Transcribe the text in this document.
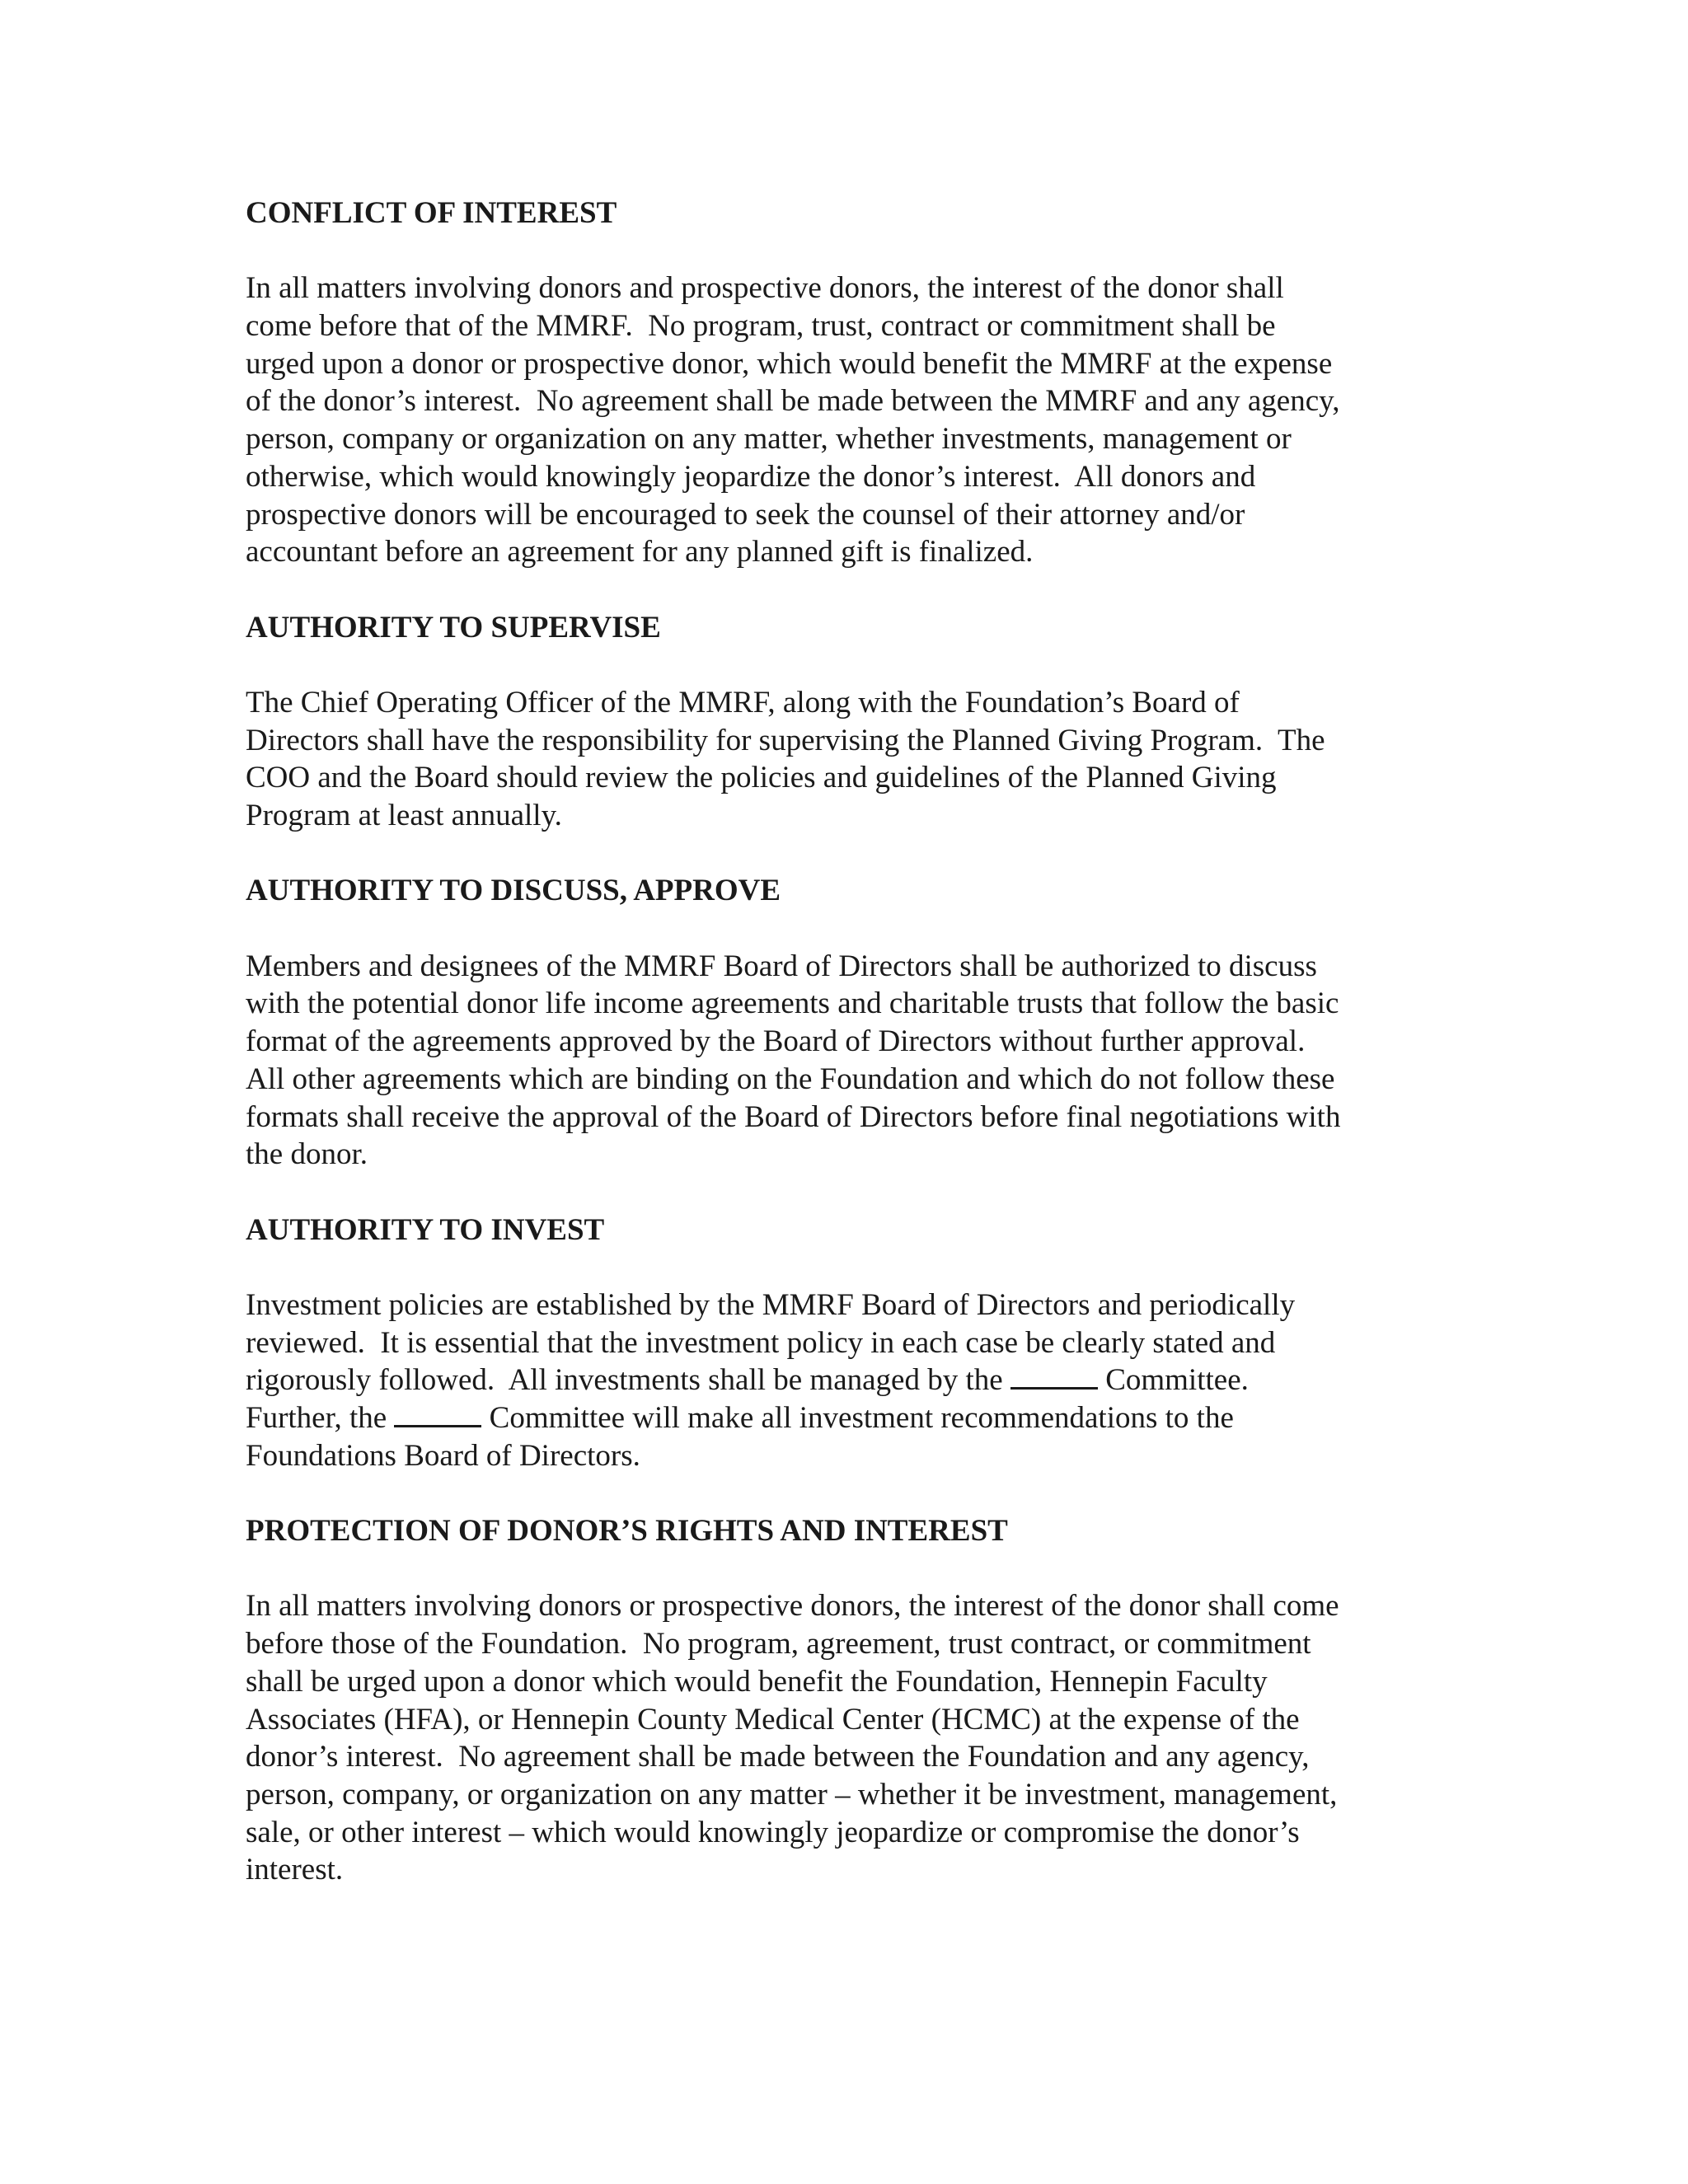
CONFLICT OF INTEREST
In all matters involving donors and prospective donors, the interest of the donor shall
come before that of the MMRF.  No program, trust, contract or commitment shall be
urged upon a donor or prospective donor, which would benefit the MMRF at the expense
of the donor’s interest.  No agreement shall be made between the MMRF and any agency,
person, company or organization on any matter, whether investments, management or
otherwise, which would knowingly jeopardize the donor’s interest.  All donors and
prospective donors will be encouraged to seek the counsel of their attorney and/or
accountant before an agreement for any planned gift is finalized.
AUTHORITY TO SUPERVISE
The Chief Operating Officer of the MMRF, along with the Foundation’s Board of
Directors shall have the responsibility for supervising the Planned Giving Program.  The
COO and the Board should review the policies and guidelines of the Planned Giving
Program at least annually.
AUTHORITY TO DISCUSS, APPROVE
Members and designees of the MMRF Board of Directors shall be authorized to discuss
with the potential donor life income agreements and charitable trusts that follow the basic
format of the agreements approved by the Board of Directors without further approval.
All other agreements which are binding on the Foundation and which do not follow these
formats shall receive the approval of the Board of Directors before final negotiations with
the donor.
AUTHORITY TO INVEST
Investment policies are established by the MMRF Board of Directors and periodically
reviewed.  It is essential that the investment policy in each case be clearly stated and
rigorously followed.  All investments shall be managed by the	Committee.
Further, the	Committee will make all investment recommendations to the
Foundations Board of Directors.
PROTECTION OF DONOR’S RIGHTS AND INTEREST
In all matters involving donors or prospective donors, the interest of the donor shall come
before those of the Foundation.  No program, agreement, trust contract, or commitment
shall be urged upon a donor which would benefit the Foundation, Hennepin Faculty
Associates (HFA), or Hennepin County Medical Center (HCMC) at the expense of the
donor’s interest.  No agreement shall be made between the Foundation and any agency,
person, company, or organization on any matter – whether it be investment, management,
sale, or other interest – which would knowingly jeopardize or compromise the donor’s
interest.
